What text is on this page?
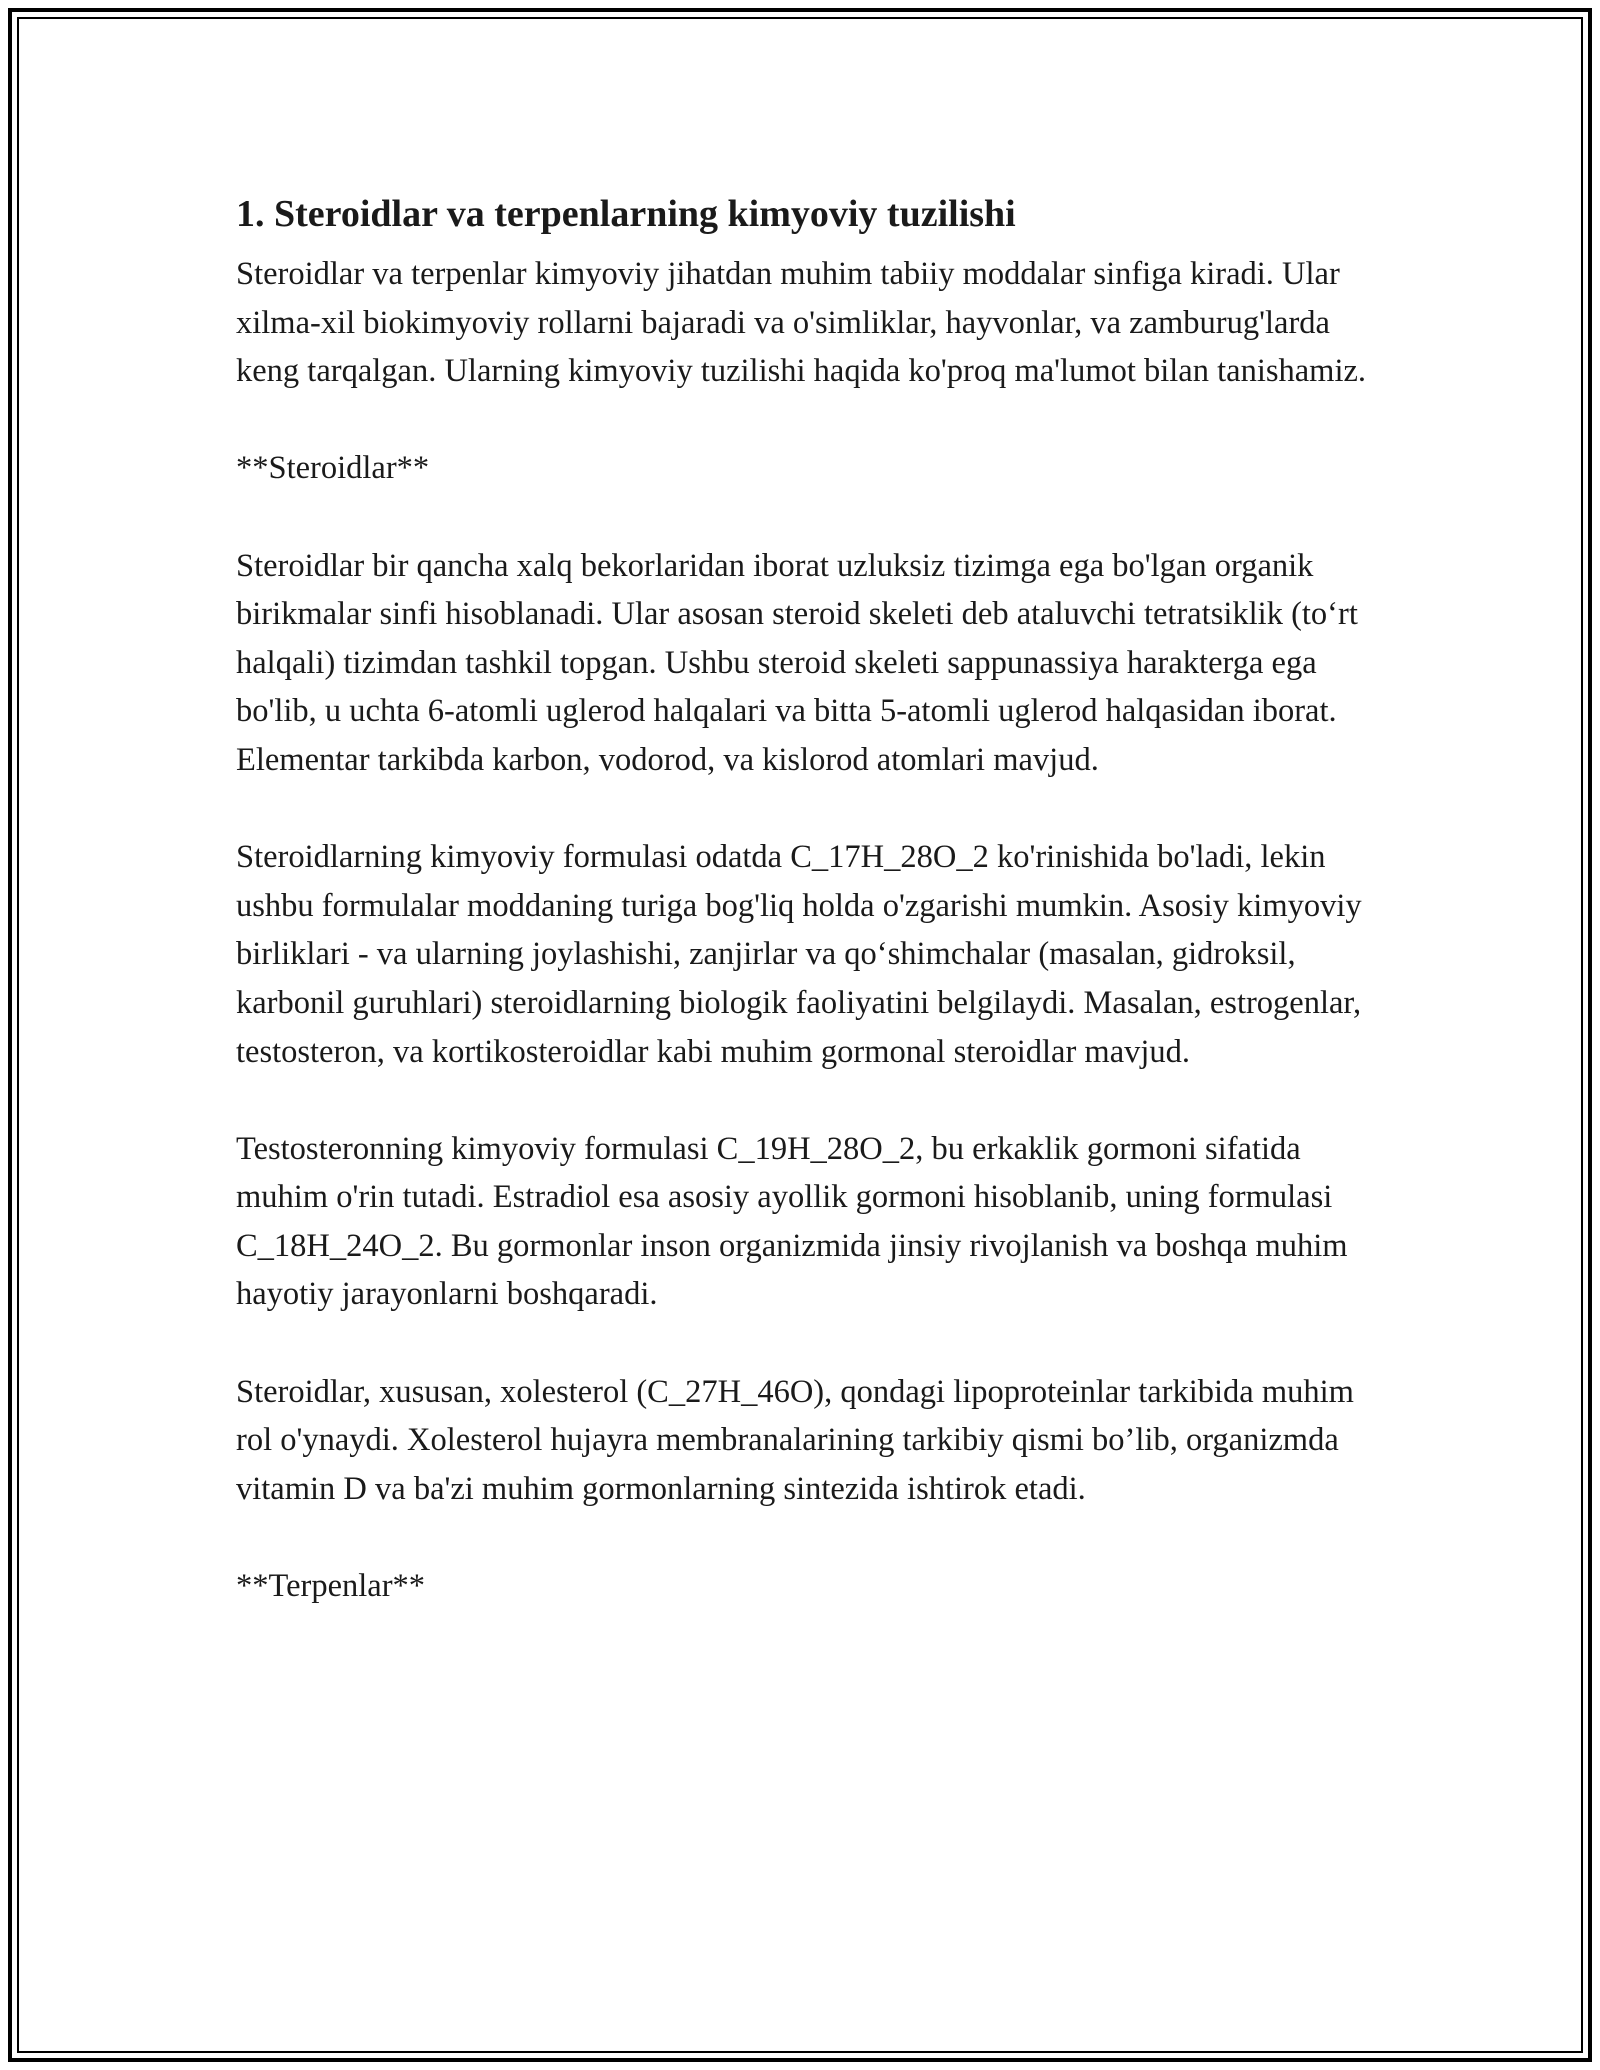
1. Steroidlar va terpenlarning kimyoviy tuzilishi

Steroidlar va terpenlar kimyoviy jihatdan muhim tabiiy moddalar sinfiga kiradi. Ular xilma-xil biokimyoviy rollarni bajaradi va o'simliklar, hayvonlar, va zamburug'larda keng tarqalgan. Ularning kimyoviy tuzilishi haqida ko'proq ma'lumot bilan tanishamiz.

**Steroidlar**

Steroidlar bir qancha xalq bekorlaridan iborat uzluksiz tizimga ega bo'lgan organik birikmalar sinfi hisoblanadi. Ular asosan steroid skeleti deb ataluvchi tetratsiklik (to‘rt halqali) tizimdan tashkil topgan. Ushbu steroid skeleti sappunassiya harakterga ega bo'lib, u uchta 6-atomli uglerod halqalari va bitta 5-atomli uglerod halqasidan iborat. Elementar tarkibda karbon, vodorod, va kislorod atomlari mavjud.

Steroidlarning kimyoviy formulasi odatda C_17H_28O_2 ko'rinishida bo'ladi, lekin ushbu formulalar moddaning turiga bog'liq holda o'zgarishi mumkin. Asosiy kimyoviy birliklari - va ularning joylashishi, zanjirlar va qo‘shimchalar (masalan, gidroksil, karbonil guruhlari) steroidlarning biologik faoliyatini belgilaydi. Masalan, estrogenlar, testosteron, va kortikosteroidlar kabi muhim gormonal steroidlar mavjud.

Testosteronning kimyoviy formulasi C_19H_28O_2, bu erkaklik gormoni sifatida muhim o'rin tutadi. Estradiol esa asosiy ayollik gormoni hisoblanib, uning formulasi C_18H_24O_2. Bu gormonlar inson organizmida jinsiy rivojlanish va boshqa muhim hayotiy jarayonlarni boshqaradi.

Steroidlar, xususan, xolesterol (C_27H_46O), qondagi lipoproteinlar tarkibida muhim rol o'ynaydi. Xolesterol hujayra membranalarining tarkibiy qismi bo’lib, organizmda vitamin D va ba'zi muhim gormonlarning sintezida ishtirok etadi.

**Terpenlar**
